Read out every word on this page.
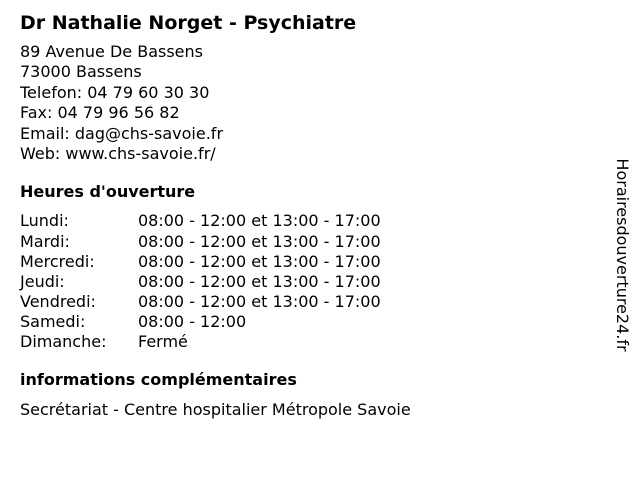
Dr Nathalie Norget - Psychiatre
89 Avenue De Bassens
73000 Bassens
Telefon: 04 79 60 30 30
Fax: 04 79 96 56 82
Email: dag@chs-savoie.fr
Web: www.chs-savoie.fr/
Heures d'ouverture
Lundi:	08:00 - 12:00 et 13:00 - 17:00
Mardi:	08:00 - 12:00 et 13:00 - 17:00
Mercredi:	08:00 - 12:00 et 13:00 - 17:00
Jeudi:	08:00 - 12:00 et 13:00 - 17:00
Vendredi:	08:00 - 12:00 et 13:00 - 17:00
Samedi:	08:00 - 12:00
Dimanche:	Fermé
informations complémentaires
Secrétariat - Centre hospitalier Métropole Savoie
Horairesdouverture24.fr
